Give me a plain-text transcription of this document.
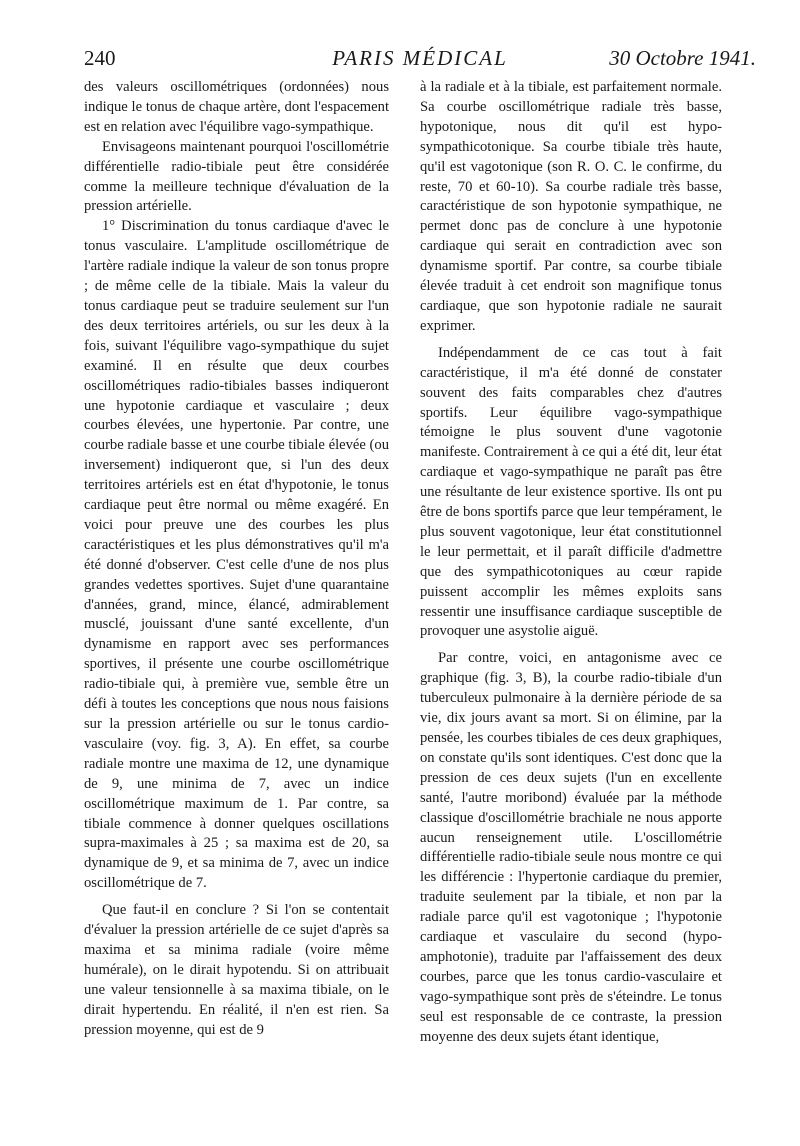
240	PARIS MÉDICAL	30 Octobre 1941.

des valeurs oscillométriques (ordonnées) nous indique le tonus de chaque artère, dont l'espacement est en relation avec l'équilibre vago-sympathique.

Envisageons maintenant pourquoi l'oscillométrie différentielle radio-tibiale peut être considérée comme la meilleure technique d'évaluation de la pression artérielle.

1° Discrimination du tonus cardiaque d'avec le tonus vasculaire. L'amplitude oscillométrique de l'artère radiale indique la valeur de son tonus propre ; de même celle de la tibiale. Mais la valeur du tonus cardiaque peut se traduire seulement sur l'un des deux territoires artériels, ou sur les deux à la fois, suivant l'équilibre vago-sympathique du sujet examiné. Il en résulte que deux courbes oscillométriques radio-tibiales basses indiqueront une hypotonie cardiaque et vasculaire ; deux courbes élevées, une hypertonie. Par contre, une courbe radiale basse et une courbe tibiale élevée (ou inversement) indiqueront que, si l'un des deux territoires artériels est en état d'hypotonie, le tonus cardiaque peut être normal ou même exagéré. En voici pour preuve une des courbes les plus caractéristiques et les plus démonstratives qu'il m'a été donné d'observer. C'est celle d'une de nos plus grandes vedettes sportives. Sujet d'une quarantaine d'années, grand, mince, élancé, admirablement musclé, jouissant d'une santé excellente, d'un dynamisme en rapport avec ses performances sportives, il présente une courbe oscillométrique radio-tibiale qui, à première vue, semble être un défi à toutes les conceptions que nous nous faisions sur la pression artérielle ou sur le tonus cardio-vasculaire (voy. fig. 3, A). En effet, sa courbe radiale montre une maxima de 12, une dynamique de 9, une minima de 7, avec un indice oscillométrique maximum de 1. Par contre, sa tibiale commence à donner quelques oscillations supra-maximales à 25 ; sa maxima est de 20, sa dynamique de 9, et sa minima de 7, avec un indice oscillométrique de 7.

Que faut-il en conclure ? Si l'on se contentait d'évaluer la pression artérielle de ce sujet d'après sa maxima et sa minima radiale (voire même humérale), on le dirait hypotendu. Si on attribuait une valeur tensionnelle à sa maxima tibiale, on le dirait hypertendu. En réalité, il n'en est rien. Sa pression moyenne, qui est de 9

à la radiale et à la tibiale, est parfaitement normale. Sa courbe oscillométrique radiale très basse, hypotonique, nous dit qu'il est hypo-sympathicotonique. Sa courbe tibiale très haute, qu'il est vagotonique (son R. O. C. le confirme, du reste, 70 et 60-10). Sa courbe radiale très basse, caractéristique de son hypotonie sympathique, ne permet donc pas de conclure à une hypotonie cardiaque qui serait en contradiction avec son dynamisme sportif. Par contre, sa courbe tibiale élevée traduit à cet endroit son magnifique tonus cardiaque, que son hypotonie radiale ne saurait exprimer.

Indépendamment de ce cas tout à fait caractéristique, il m'a été donné de constater souvent des faits comparables chez d'autres sportifs. Leur équilibre vago-sympathique témoigne le plus souvent d'une vagotonie manifeste. Contrairement à ce qui a été dit, leur état cardiaque et vago-sympathique ne paraît pas être une résultante de leur existence sportive. Ils ont pu être de bons sportifs parce que leur tempérament, le plus souvent vagotonique, leur état constitutionnel le leur permettait, et il paraît difficile d'admettre que des sympathicotoniques au cœur rapide puissent accomplir les mêmes exploits sans ressentir une insuffisance cardiaque susceptible de provoquer une asystolie aiguë.

Par contre, voici, en antagonisme avec ce graphique (fig. 3, B), la courbe radio-tibiale d'un tuberculeux pulmonaire à la dernière période de sa vie, dix jours avant sa mort. Si on élimine, par la pensée, les courbes tibiales de ces deux graphiques, on constate qu'ils sont identiques. C'est donc que la pression de ces deux sujets (l'un en excellente santé, l'autre moribond) évaluée par la méthode classique d'oscillométrie brachiale ne nous apporte aucun renseignement utile. L'oscillométrie différentielle radio-tibiale seule nous montre ce qui les différencie : l'hypertonie cardiaque du premier, traduite seulement par la tibiale, et non par la radiale parce qu'il est vagotonique ; l'hypotonie cardiaque et vasculaire du second (hypo-amphotonie), traduite par l'affaissement des deux courbes, parce que les tonus cardio-vasculaire et vago-sympathique sont près de s'éteindre. Le tonus seul est responsable de ce contraste, la pression moyenne des deux sujets étant identique,
